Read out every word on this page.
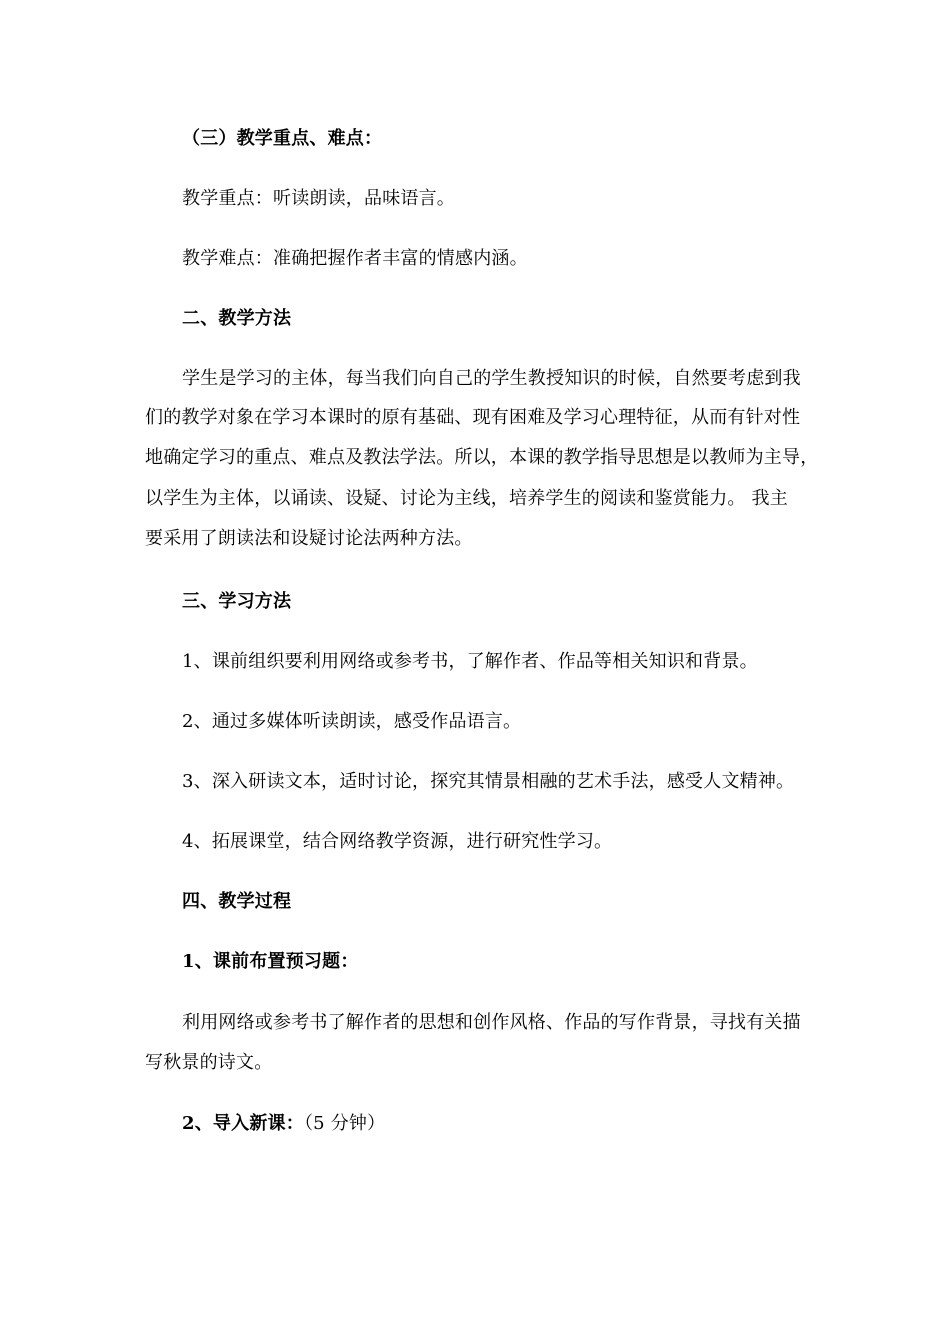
（三）教学重点、难点：
教学重点：听读朗读，品味语言。
教学难点：准确把握作者丰富的情感内涵。
二、教学方法
学生是学习的主体，每当我们向自己的学生教授知识的时候，自然要考虑到我
们的教学对象在学习本课时的原有基础、现有困难及学习心理特征，从而有针对性
地确定学习的重点、难点及教法学法。所以，本课的教学指导思想是以教师为主导，
以学生为主体，以诵读、设疑、讨论为主线，培养学生的阅读和鉴赏能力。 我主
要采用了朗读法和设疑讨论法两种方法。
三、学习方法
1、课前组织要利用网络或参考书，了解作者、作品等相关知识和背景。
2、通过多媒体听读朗读，感受作品语言。
3、深入研读文本，适时讨论，探究其情景相融的艺术手法，感受人文精神。
4、拓展课堂，结合网络教学资源，进行研究性学习。
四、教学过程
1、课前布置预习题：
利用网络或参考书了解作者的思想和创作风格、作品的写作背景，寻找有关描
写秋景的诗文。
2、导入新课：（5 分钟）
